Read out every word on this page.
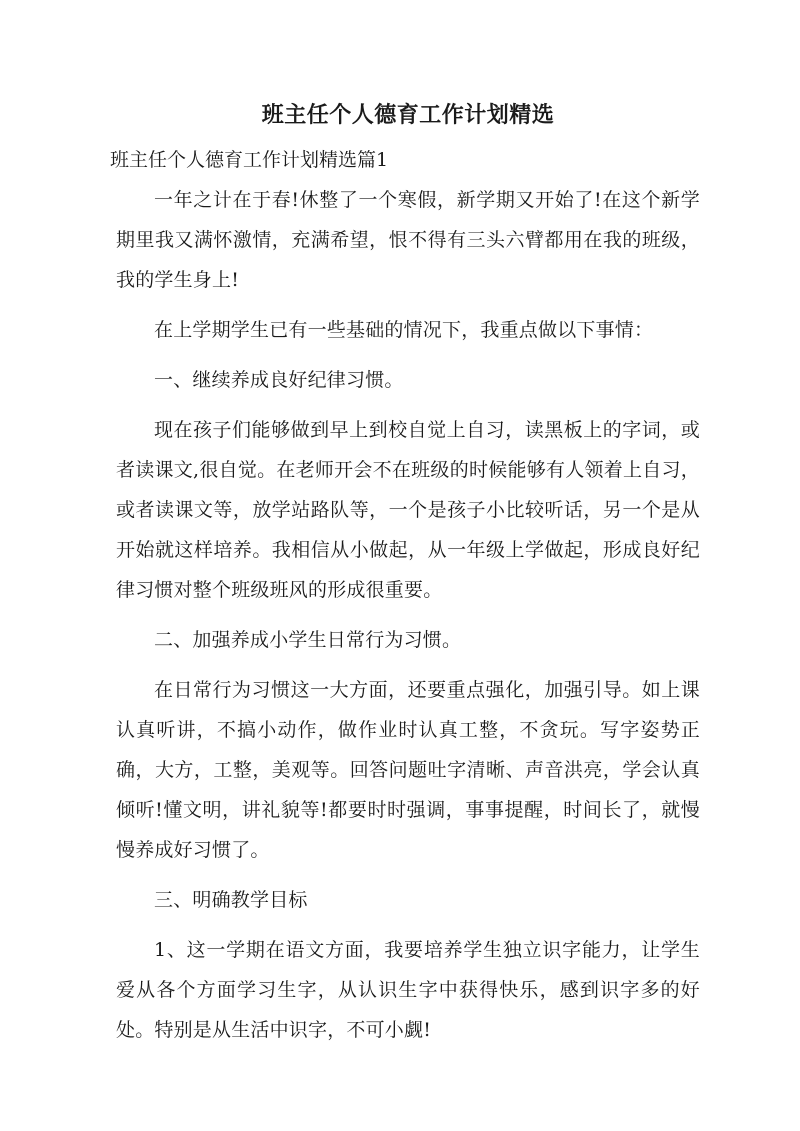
班主任个人德育工作计划精选

班主任个人德育工作计划精选篇1

一年之计在于春!休整了一个寒假，新学期又开始了!在这个新学期里我又满怀激情，充满希望，恨不得有三头六臂都用在我的班级，我的学生身上!

在上学期学生已有一些基础的情况下，我重点做以下事情：

一、继续养成良好纪律习惯。

现在孩子们能够做到早上到校自觉上自习，读黑板上的字词，或者读课文,很自觉。在老师开会不在班级的时候能够有人领着上自习，或者读课文等，放学站路队等，一个是孩子小比较听话，另一个是从开始就这样培养。我相信从小做起，从一年级上学做起，形成良好纪律习惯对整个班级班风的形成很重要。

二、加强养成小学生日常行为习惯。

在日常行为习惯这一大方面，还要重点强化，加强引导。如上课认真听讲，不搞小动作，做作业时认真工整，不贪玩。写字姿势正确，大方，工整，美观等。回答问题吐字清晰、声音洪亮，学会认真倾听!懂文明，讲礼貌等!都要时时强调，事事提醒，时间长了，就慢慢养成好习惯了。

三、明确教学目标

1、这一学期在语文方面，我要培养学生独立识字能力，让学生爱从各个方面学习生字，从认识生字中获得快乐，感到识字多的好处。特别是从生活中识字，不可小觑!
